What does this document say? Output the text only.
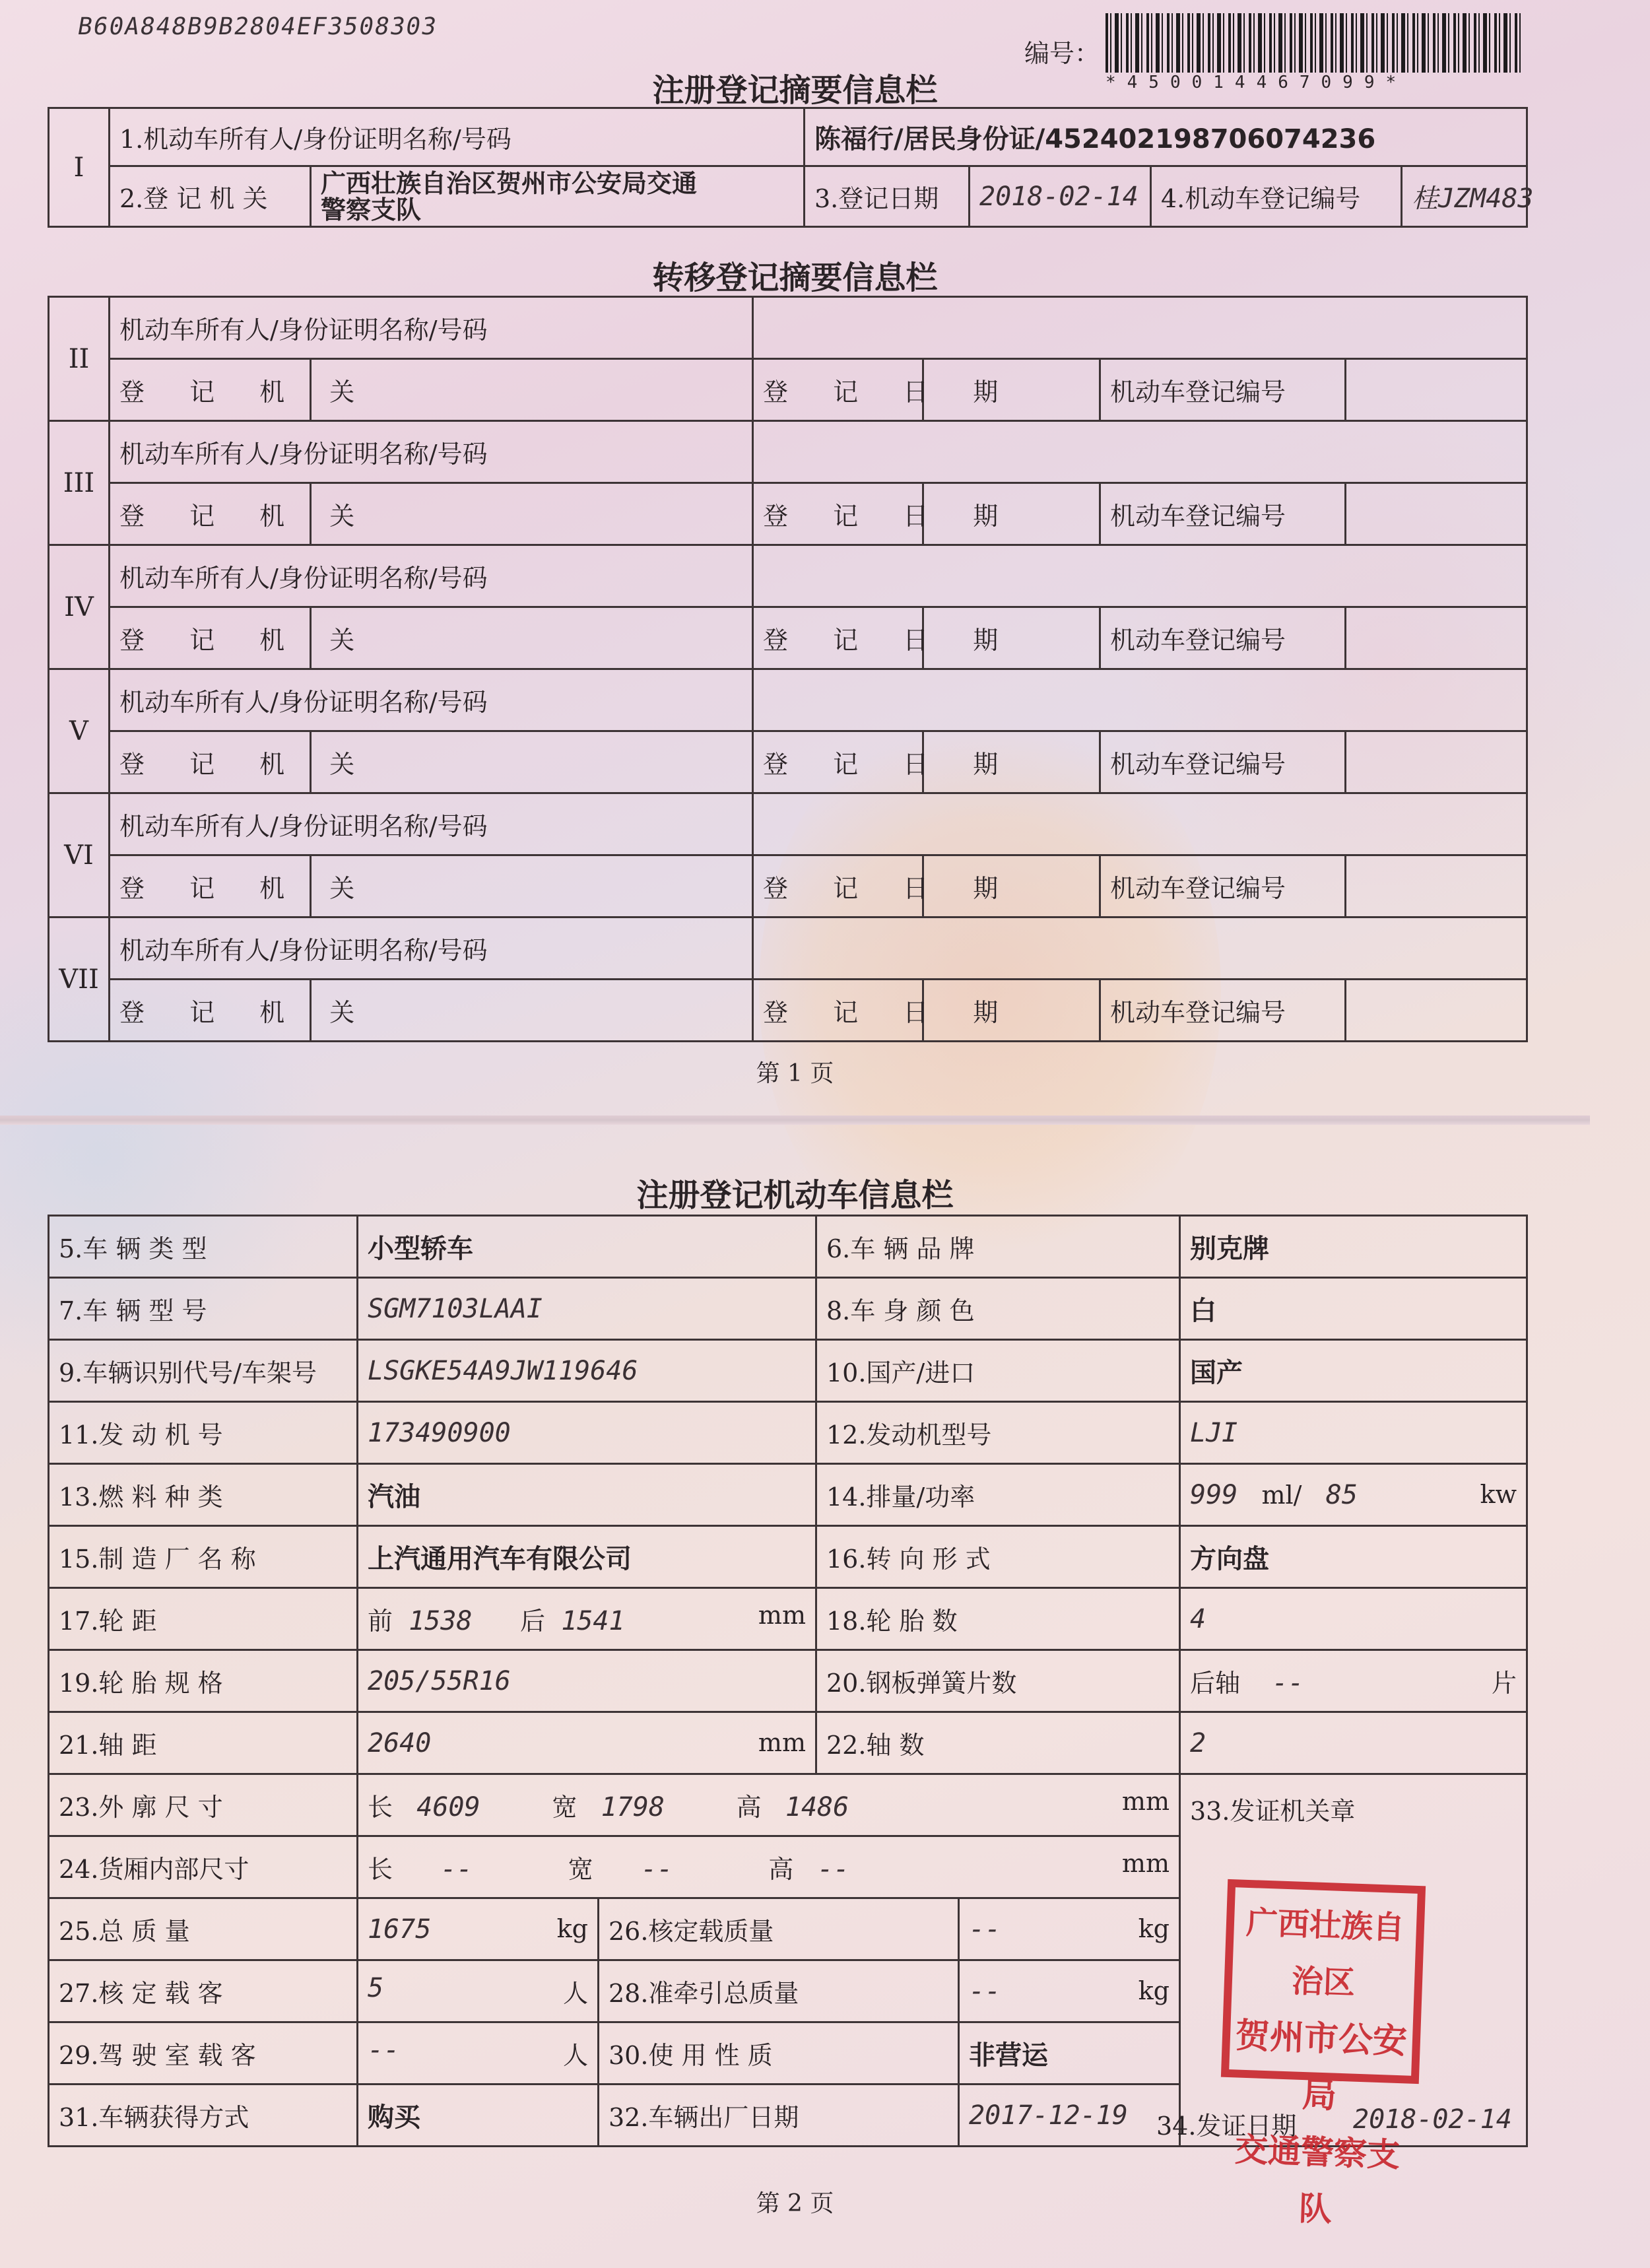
B60A848B9B2804EF3508303
编号：
*450014467099*
注册登记摘要信息栏
I	1.机动车所有人/身份证明名称/号码		陈福行/居民身份证/452402198706074236			
	2.登 记 机 关	广西壮族自治区贺州市公安局交通
警察支队	3.登记日期	2018-02-14	4.机动车登记编号	桂JZM483
转移登记摘要信息栏
II	机动车所有人/身份证明名称/号码					
	登 记 机 关		登 记 日 期		机动车登记编号	
III	机动车所有人/身份证明名称/号码					
	登 记 机 关		登 记 日 期		机动车登记编号	
IV	机动车所有人/身份证明名称/号码					
	登 记 机 关		登 记 日 期		机动车登记编号	
V	机动车所有人/身份证明名称/号码					
	登 记 机 关		登 记 日 期		机动车登记编号	
VI	机动车所有人/身份证明名称/号码					
	登 记 机 关		登 记 日 期		机动车登记编号	
VII	机动车所有人/身份证明名称/号码					
	登 记 机 关		登 记 日 期		机动车登记编号	
第 1 页
注册登记机动车信息栏
5.车 辆 类 型	小型轿车		6.车 辆 品 牌		别克牌
7.车 辆 型 号	SGM7103LAAI		8.车 身 颜 色		白
9.车辆识别代号/车架号	LSGKE54A9JW119646		10.国产/进口		国产
11.发 动 机 号	173490900		12.发动机型号		LJI
13.燃 料 种 类	汽油		14.排量/功率		999 ml/ 85 kw

15.制 造 厂 名 称	上汽通用汽车有限公司		16.转 向 形 式		方向盘
17.轮 距	前 1538 后 1541 mm		18.轮 胎 数		4
19.轮 胎 规 格	205/55R16		20.钢板弹簧片数		后轴 -- 片

21.轴 距	2640 mm		22.轴 数		2
23.外 廓 尺 寸	长 4609 宽 1798 高 1486 mm				33.发证机关章
24.货厢内部尺寸	长 -- 宽 -- 高 -- mm				

25.总 质 量	1675 kg	26.核定载质量		-- kg	

27.核 定 载 客	5 人	28.准牵引总质量		-- kg	

29.驾 驶 室 载 客	-- 人	30.使 用 性 质		非营运	
31.车辆获得方式	购买	32.车辆出厂日期		2017-12-19	34.发证日期 2018-02-14
广西壮族自治区
贺州市公安局
交通警察支队
第 2 页
